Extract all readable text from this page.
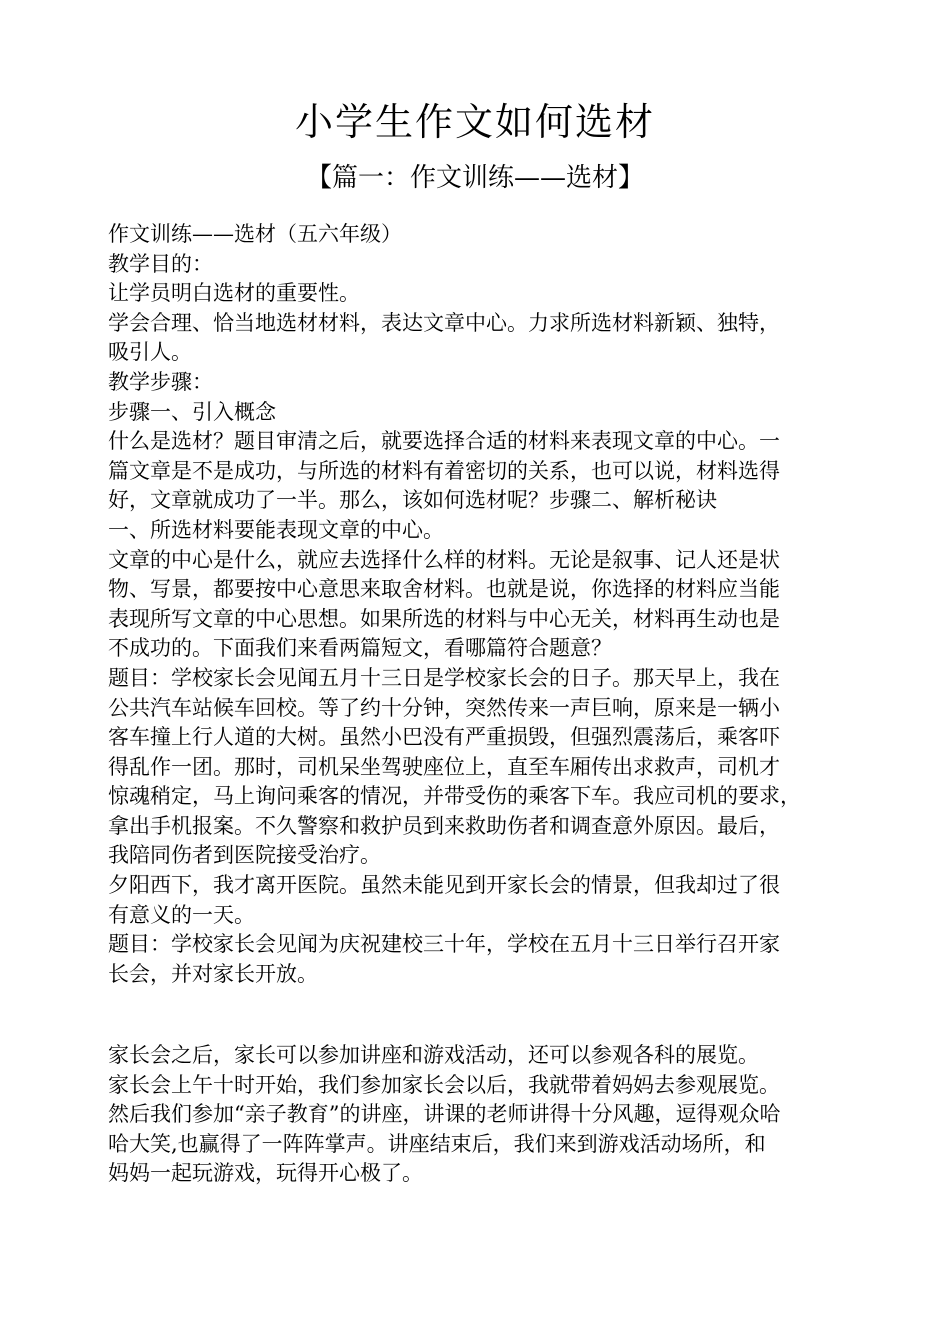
小学生作文如何选材
【篇一：作文训练——选材】

作文训练——选材（五六年级）

教学目的：

让学员明白选材的重要性。

学会合理、恰当地选材材料，表达文章中心。力求所选材料新颖、独特，

吸引人。

教学步骤：

步骤一、引入概念

什么是选材？题目审清之后，就要选择合适的材料来表现文章的中心。一

篇文章是不是成功，与所选的材料有着密切的关系，也可以说，材料选得

好，文章就成功了一半。那么，该如何选材呢？步骤二、解析秘诀

一、所选材料要能表现文章的中心。

文章的中心是什么，就应去选择什么样的材料。无论是叙事、记人还是状

物、写景，都要按中心意思来取舍材料。也就是说，你选择的材料应当能

表现所写文章的中心思想。如果所选的材料与中心无关，材料再生动也是

不成功的。下面我们来看两篇短文，看哪篇符合题意？

题目：学校家长会见闻五月十三日是学校家长会的日子。那天早上，我在

公共汽车站候车回校。等了约十分钟，突然传来一声巨响，原来是一辆小

客车撞上行人道的大树。虽然小巴没有严重损毁，但强烈震荡后，乘客吓

得乱作一团。那时，司机呆坐驾驶座位上，直至车厢传出求救声，司机才

惊魂稍定，马上询问乘客的情况，并带受伤的乘客下车。我应司机的要求，

拿出手机报案。不久警察和救护员到来救助伤者和调查意外原因。最后，

我陪同伤者到医院接受治疗。

夕阳西下，我才离开医院。虽然未能见到开家长会的情景，但我却过了很

有意义的一天。

题目：学校家长会见闻为庆祝建校三十年，学校在五月十三日举行召开家

长会，并对家长开放。

家长会之后，家长可以参加讲座和游戏活动，还可以参观各科的展览。

家长会上午十时开始，我们参加家长会以后，我就带着妈妈去参观展览。

然后我们参加“亲子教育”的讲座，讲课的老师讲得十分风趣，逗得观众哈

哈大笑,也赢得了一阵阵掌声。讲座结束后，我们来到游戏活动场所，和

妈妈一起玩游戏，玩得开心极了。
